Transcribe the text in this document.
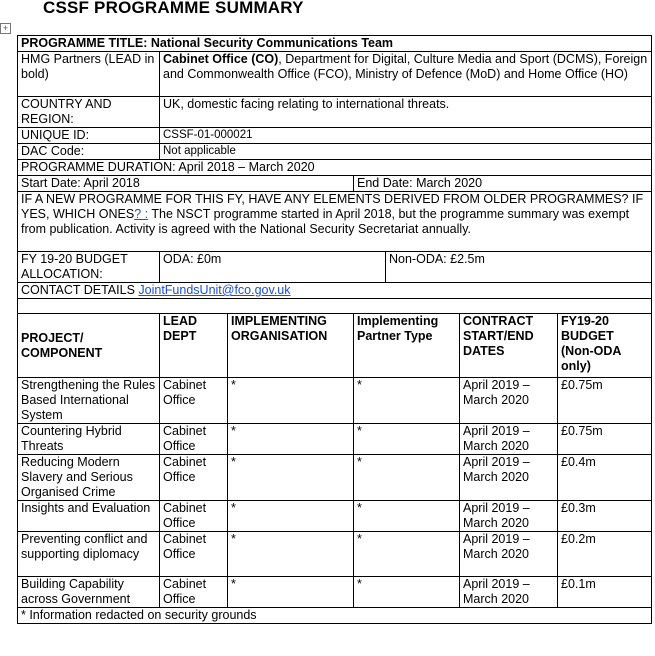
CSSF PROGRAMME SUMMARY
+
PROGRAMME TITLE: National Security Communications Team						
HMG Partners (LEAD in bold)	Cabinet Office (CO), Department for Digital, Culture Media and Sport (DCMS), Foreign and Commonwealth Office (FCO), Ministry of Defence (MoD) and Home Office (HO)					
COUNTRY AND REGION:	UK, domestic facing relating to international threats.					
UNIQUE ID:	CSSF-01-000021					
DAC Code:	Not applicable					
PROGRAMME DURATION: April 2018 – March 2020						
Start Date: April 2018			End Date: March 2020			
IF A NEW PROGRAMME FOR THIS FY, HAVE ANY ELEMENTS DERIVED FROM OLDER PROGRAMMES? IF YES, WHICH ONES? : The NSCT programme started in April 2018, but the programme summary was exempt from publication. Activity is agreed with the National Security Secretariat annually.						
FY 19-20 BUDGET ALLOCATION:	ODA: £0m			Non-ODA: £2.5m		
CONTACT DETAILS JointFundsUnit@fco.gov.uk						

PROJECT/ COMPONENT	LEAD DEPT	IMPLEMENTING ORGANISATION	Implementing Partner Type		CONTRACT START/END DATES	FY19-20 BUDGET (Non-ODA only)
Strengthening the Rules Based International System	Cabinet Office	*	*		April 2019 – March 2020	£0.75m
Countering Hybrid Threats	Cabinet Office	*	*		April 2019 – March 2020	£0.75m
Reducing Modern Slavery and Serious Organised Crime	Cabinet Office	*	*		April 2019 – March 2020	£0.4m
Insights and Evaluation	Cabinet Office	*	*		April 2019 – March 2020	£0.3m
Preventing conflict and supporting diplomacy	Cabinet Office	*	*		April 2019 – March 2020	£0.2m
Building Capability across Government	Cabinet Office	*	*		April 2019 – March 2020	£0.1m
* Information redacted on security grounds						
